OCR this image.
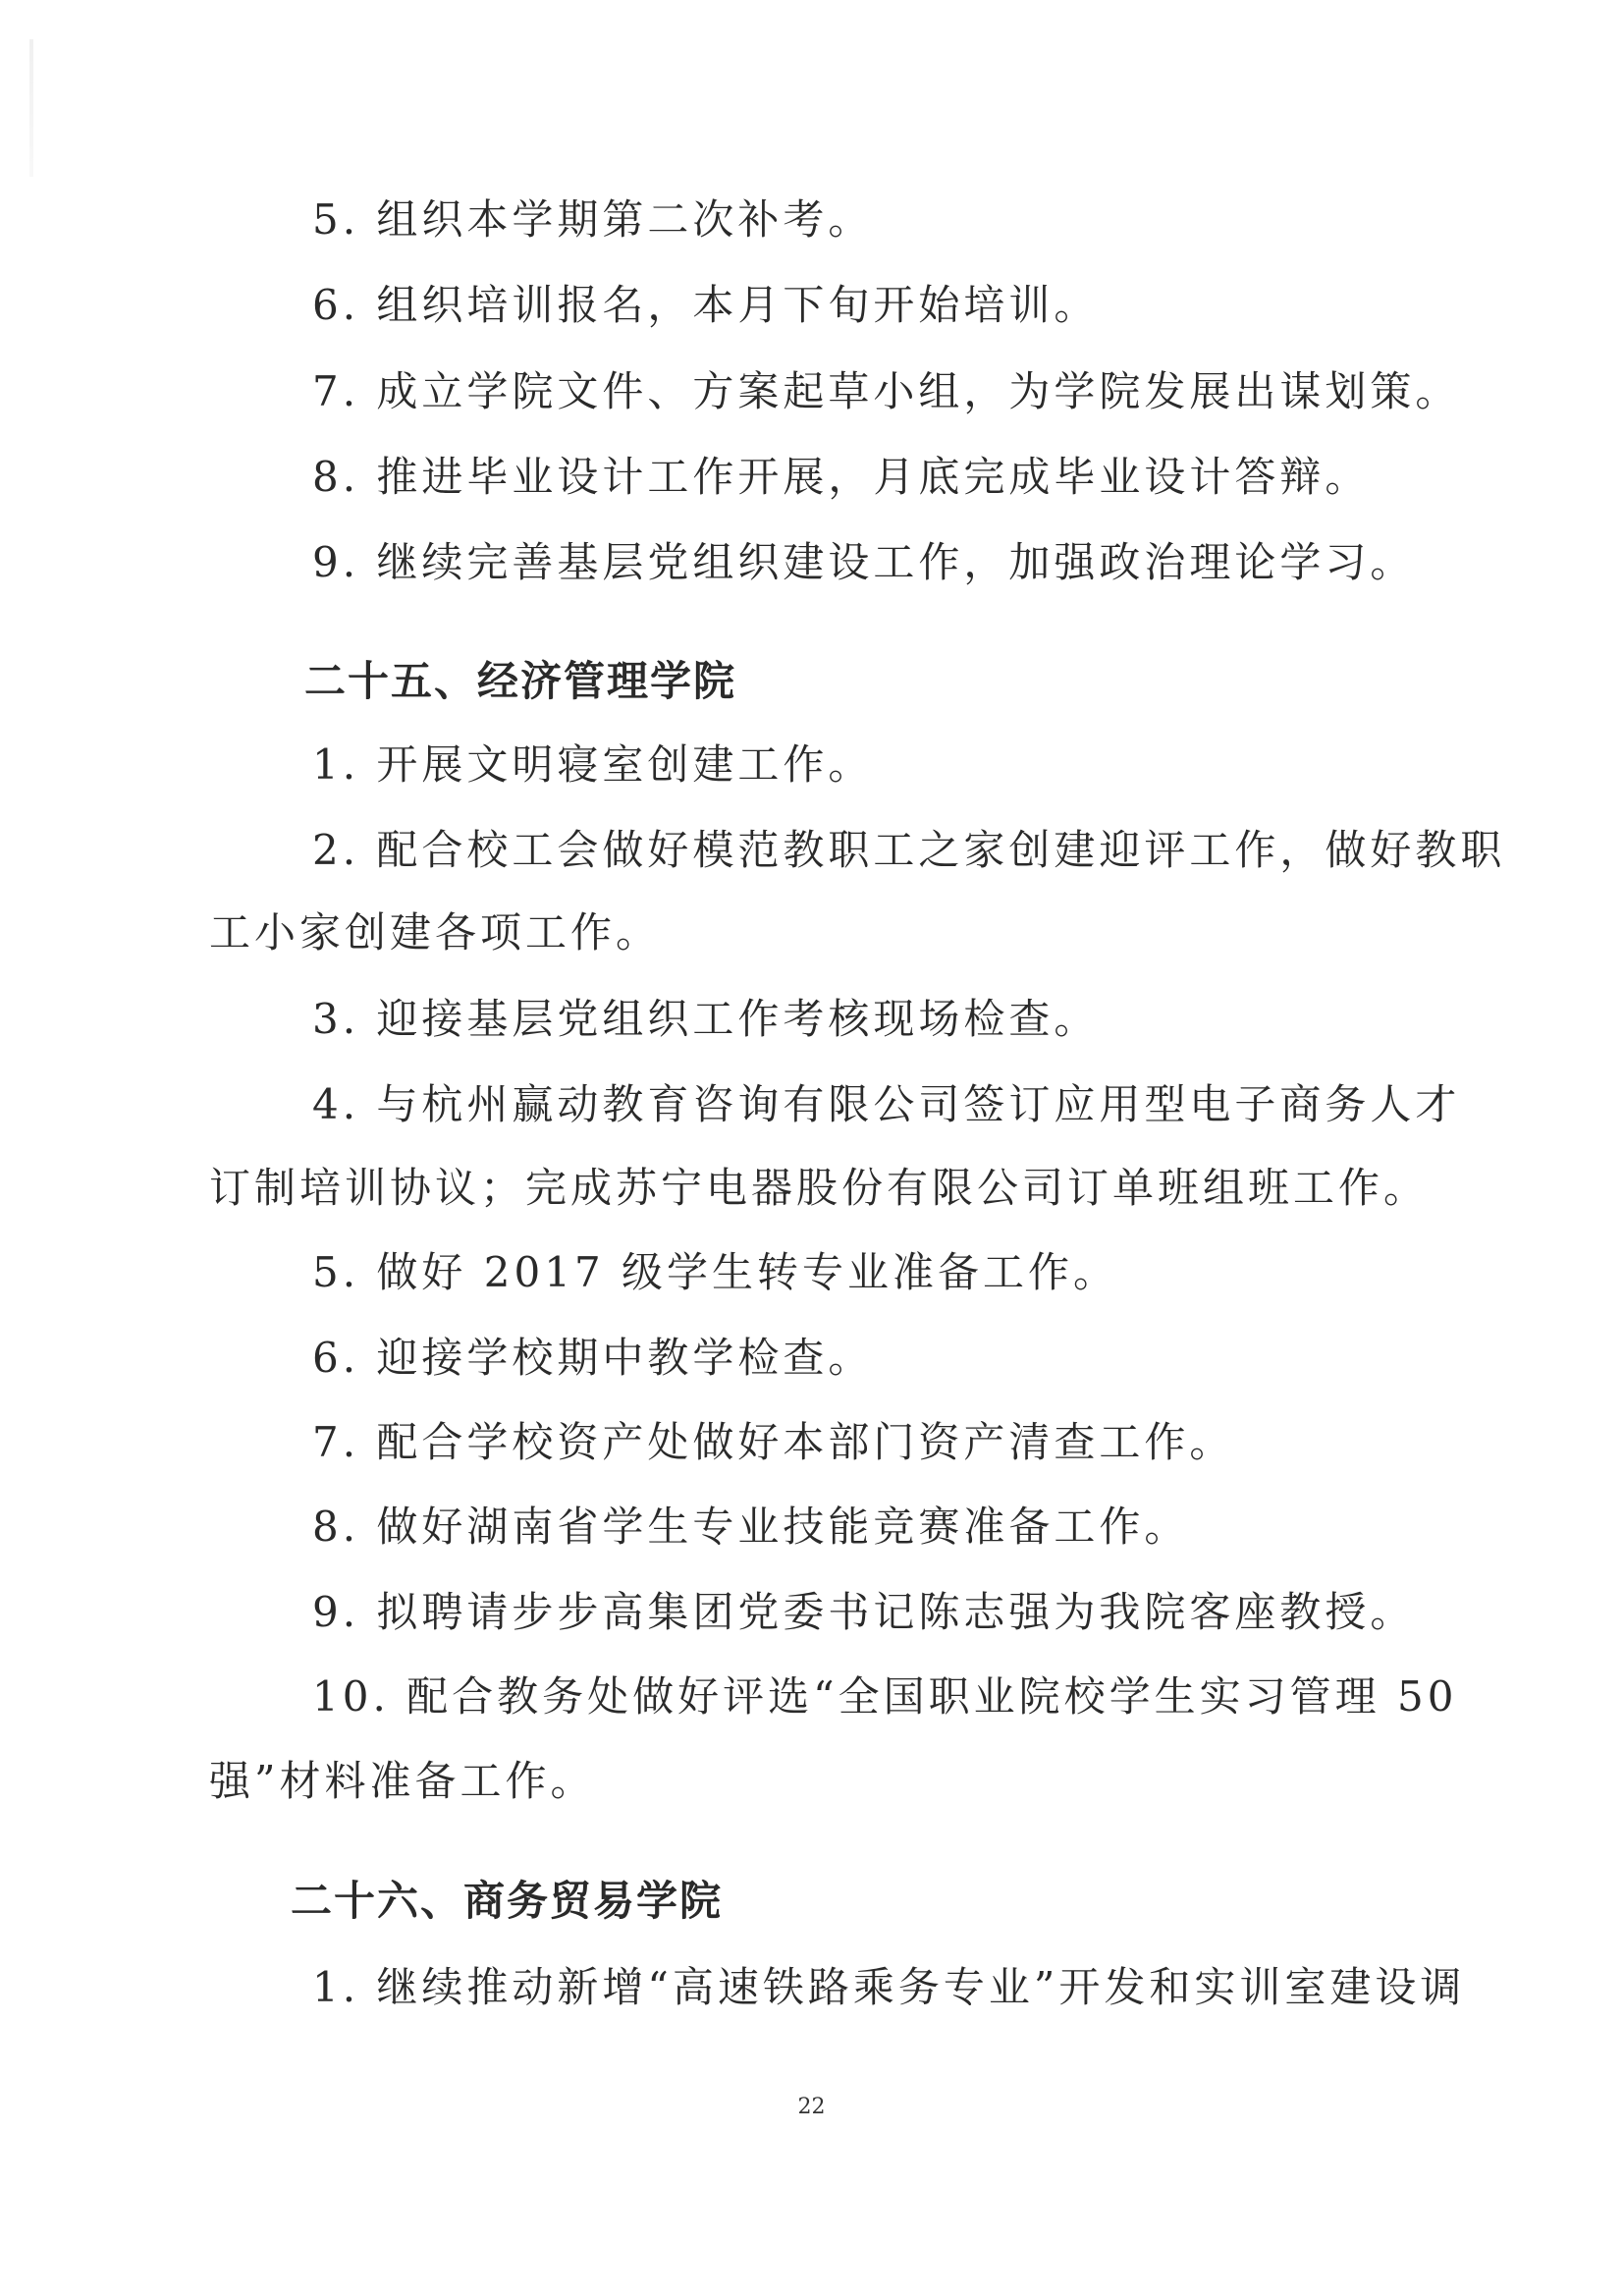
5. 组织本学期第二次补考。
6. 组织培训报名，本月下旬开始培训。
7. 成立学院文件、方案起草小组，为学院发展出谋划策。
8. 推进毕业设计工作开展，月底完成毕业设计答辩。
9. 继续完善基层党组织建设工作，加强政治理论学习。
二十五、经济管理学院
1. 开展文明寝室创建工作。
2. 配合校工会做好模范教职工之家创建迎评工作，做好教职
工小家创建各项工作。
3. 迎接基层党组织工作考核现场检查。
4. 与杭州赢动教育咨询有限公司签订应用型电子商务人才
订制培训协议；完成苏宁电器股份有限公司订单班组班工作。
5. 做好 2017 级学生转专业准备工作。
6. 迎接学校期中教学检查。
7. 配合学校资产处做好本部门资产清查工作。
8. 做好湖南省学生专业技能竞赛准备工作。
9. 拟聘请步步高集团党委书记陈志强为我院客座教授。
10. 配合教务处做好评选“全国职业院校学生实习管理 50
强”材料准备工作。
二十六、商务贸易学院
1. 继续推动新增“高速铁路乘务专业”开发和实训室建设调
22
